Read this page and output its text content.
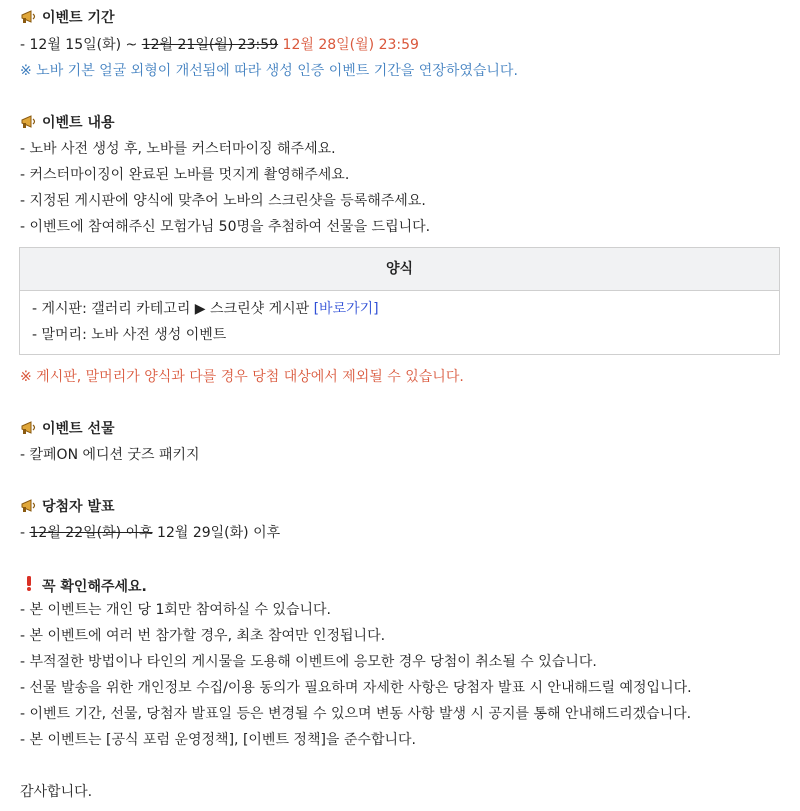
이벤트 기간
- 12월 15일(화) ~ 12월 21일(월) 23:59 12월 28일(월) 23:59
※ 노바 기본 얼굴 외형이 개선됨에 따라 생성 인증 이벤트 기간을 연장하였습니다.
이벤트 내용
- 노바 사전 생성 후, 노바를 커스터마이징 해주세요.
- 커스터마이징이 완료된 노바를 멋지게 촬영해주세요.
- 지정된 게시판에 양식에 맞추어 노바의 스크린샷을 등록해주세요.
- 이벤트에 참여해주신 모험가님 50명을 추첨하여 선물을 드립니다.
양식
- 게시판: 갤러리 카테고리 ▶ 스크린샷 게시판 [바로가기]
- 말머리: 노바 사전 생성 이벤트
※ 게시판, 말머리가 양식과 다를 경우 당첨 대상에서 제외될 수 있습니다.
이벤트 선물
- 칼페ON 에디션 굿즈 패키지
당첨자 발표
- 12월 22일(화) 이후 12월 29일(화) 이후
꼭 확인해주세요.
- 본 이벤트는 개인 당 1회만 참여하실 수 있습니다.
- 본 이벤트에 여러 번 참가할 경우, 최초 참여만 인정됩니다.
- 부적절한 방법이나 타인의 게시물을 도용해 이벤트에 응모한 경우 당첨이 취소될 수 있습니다.
- 선물 발송을 위한 개인정보 수집/이용 동의가 필요하며 자세한 사항은 당첨자 발표 시 안내해드릴 예정입니다.
- 이벤트 기간, 선물, 당첨자 발표일 등은 변경될 수 있으며 변동 사항 발생 시 공지를 통해 안내해드리겠습니다.
- 본 이벤트는 [공식 포럼 운영정책], [이벤트 정책]을 준수합니다.
감사합니다.
